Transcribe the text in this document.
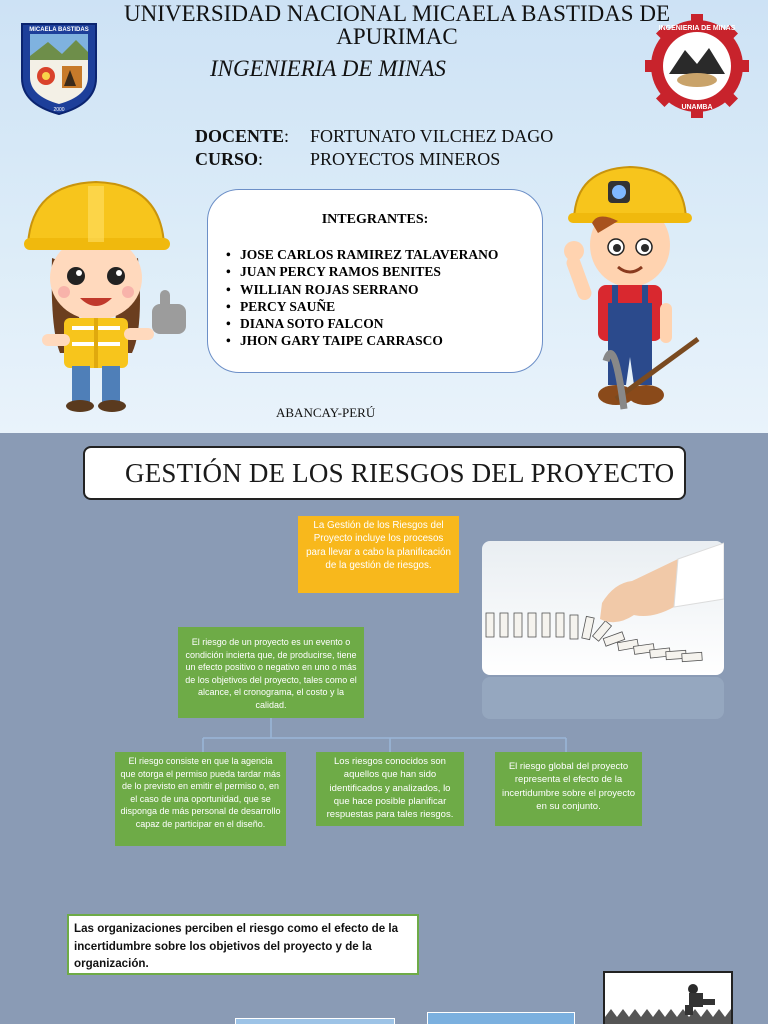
MICAELA BASTIDAS
2000
INGENIERIA DE MINAS
UNAMBA
UNIVERSIDAD NACIONAL MICAELA BASTIDAS DE APURIMAC
INGENIERIA DE MINAS
DOCENTE: FORTUNATO VILCHEZ DAGO
CURSO:	PROYECTOS MINEROS
INTEGRANTES:
• JOSE CARLOS RAMIREZ TALAVERANO
• JUAN PERCY RAMOS BENITES
• WILLIAN ROJAS SERRANO
• PERCY SAUÑE
• DIANA SOTO FALCON
• JHON GARY TAIPE CARRASCO
ABANCAY-PERÚ
GESTIÓN DE LOS RIESGOS DEL PROYECTO
La Gestión de los Riesgos del Proyecto incluye los procesos para llevar a cabo la planificación de la gestión de riesgos.
El riesgo de un proyecto es un evento o condición incierta que, de producirse, tiene un efecto positivo o negativo en uno o más de los objetivos del proyecto, tales como el alcance, el cronograma, el costo y la calidad.
El riesgo consiste en que la agencia que otorga el permiso pueda tardar más de lo previsto en emitir el permiso o, en el caso de una oportunidad, que se disponga de más personal de desarrollo capaz de participar en el diseño.
Los riesgos conocidos son aquellos que han sido identificados y analizados, lo que hace posible planificar respuestas para tales riesgos.
El riesgo global del proyecto representa el efecto de la incertidumbre sobre el proyecto en su conjunto.
Las organizaciones perciben el riesgo como el efecto de la incertidumbre sobre los objetivos del proyecto y de la organización.
